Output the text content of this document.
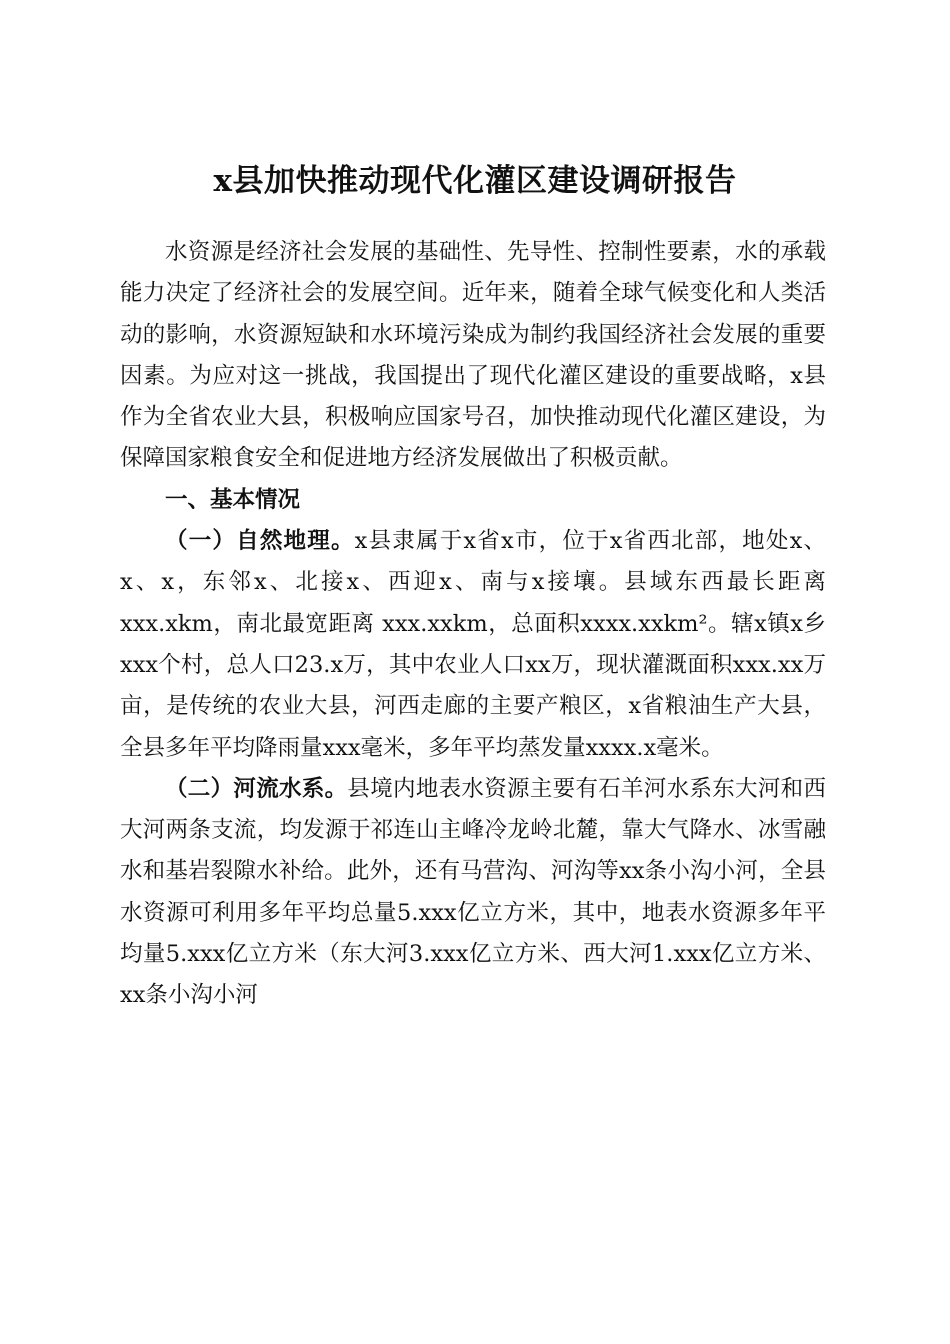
x县加快推动现代化灌区建设调研报告

水资源是经济社会发展的基础性、先导性、控制性要素，水的承载能力决定了经济社会的发展空间。近年来，随着全球气候变化和人类活动的影响，水资源短缺和水环境污染成为制约我国经济社会发展的重要因素。为应对这一挑战，我国提出了现代化灌区建设的重要战略，x县作为全省农业大县，积极响应国家号召，加快推动现代化灌区建设，为保障国家粮食安全和促进地方经济发展做出了积极贡献。

一、基本情况

（一）自然地理。x县隶属于x省x市，位于x省西北部，地处x、x、x，东邻x、北接x、西迎x、南与x接壤。县域东西最长距离 xxx.xkm，南北最宽距离 xxx.xxkm，总面积xxxx.xxkm²。辖x镇x乡xxx个村，总人口23.x万，其中农业人口xx万，现状灌溉面积xxx.xx万亩，是传统的农业大县，河西走廊的主要产粮区，x省粮油生产大县，全县多年平均降雨量xxx毫米，多年平均蒸发量xxxx.x毫米。

（二）河流水系。县境内地表水资源主要有石羊河水系东大河和西大河两条支流，均发源于祁连山主峰冷龙岭北麓，靠大气降水、冰雪融水和基岩裂隙水补给。此外，还有马营沟、河沟等xx条小沟小河，全县水资源可利用多年平均总量5.xxx亿立方米，其中，地表水资源多年平均量5.xxx亿立方米（东大河3.xxx亿立方米、西大河1.xxx亿立方米、xx条小沟小河
